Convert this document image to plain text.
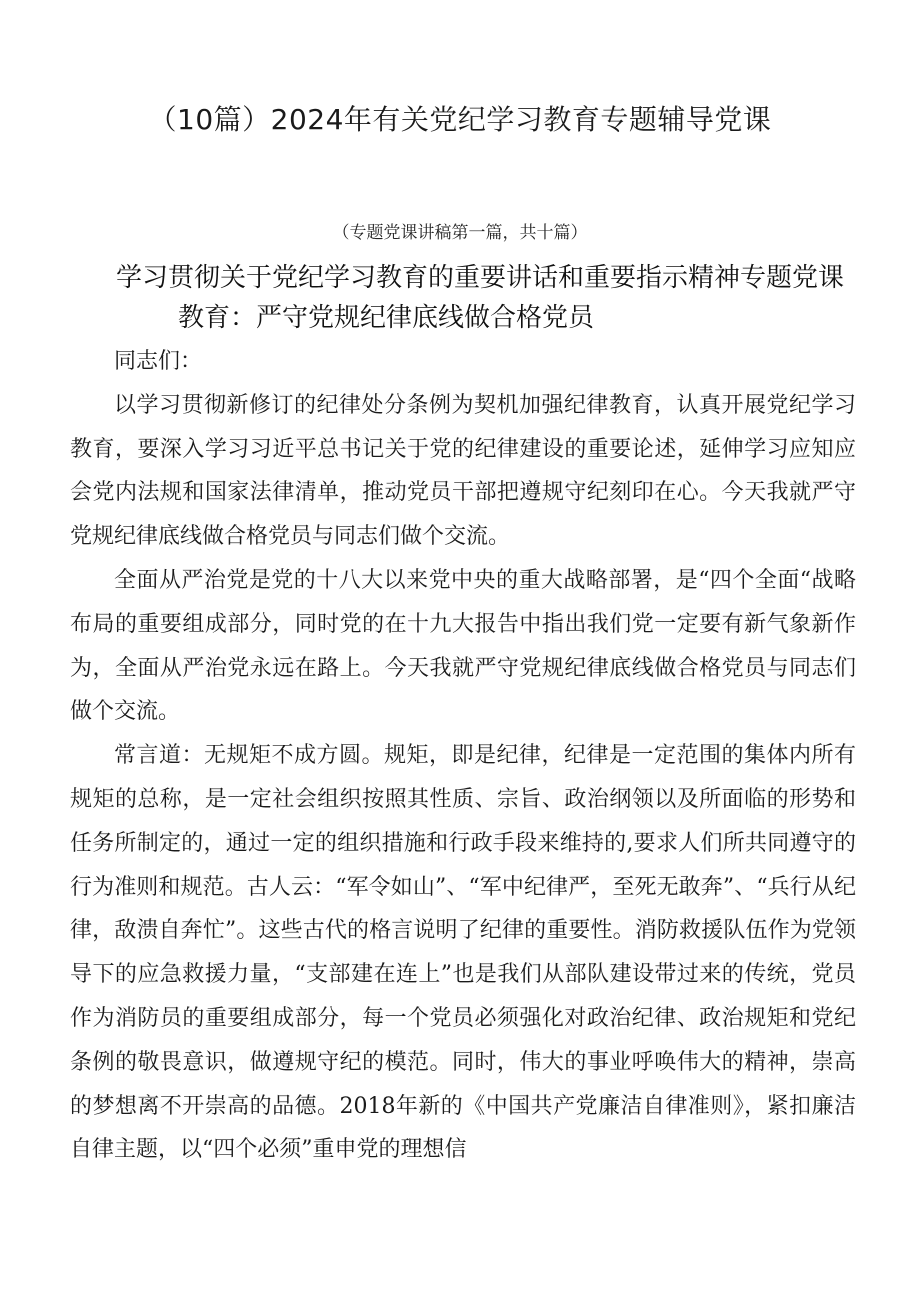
（10篇）2024年有关党纪学习教育专题辅导党课
（专题党课讲稿第一篇，共十篇）
学习贯彻关于党纪学习教育的重要讲话和重要指示精神专题党课
教育：严守党规纪律底线做合格党员

同志们：

以学习贯彻新修订的纪律处分条例为契机加强纪律教育，认真开展党纪学习教育，要深入学习习近平总书记关于党的纪律建设的重要论述，延伸学习应知应会党内法规和国家法律清单，推动党员干部把遵规守纪刻印在心。今天我就严守党规纪律底线做合格党员与同志们做个交流。

全面从严治党是党的十八大以来党中央的重大战略部署，是“四个全面“战略布局的重要组成部分，同时党的在十九大报告中指出我们党一定要有新气象新作为，全面从严治党永远在路上。今天我就严守党规纪律底线做合格党员与同志们做个交流。

常言道：无规矩不成方圆。规矩，即是纪律，纪律是一定范围的集体内所有规矩的总称，是一定社会组织按照其性质、宗旨、政治纲领以及所面临的形势和任务所制定的，通过一定的组织措施和行政手段来维持的,要求人们所共同遵守的行为准则和规范。古人云：“军令如山”、“军中纪律严，至死无敢奔”、“兵行从纪律，敌溃自奔忙”。这些古代的格言说明了纪律的重要性。消防救援队伍作为党领导下的应急救援力量，“支部建在连上”也是我们从部队建设带过来的传统，党员作为消防员的重要组成部分，每一个党员必须强化对政治纪律、政治规矩和党纪条例的敬畏意识，做遵规守纪的模范。同时，伟大的事业呼唤伟大的精神，崇高的梦想离不开崇高的品德。2018年新的《中国共产党廉洁自律准则》，紧扣廉洁自律主题，以“四个必须”重申党的理想信
